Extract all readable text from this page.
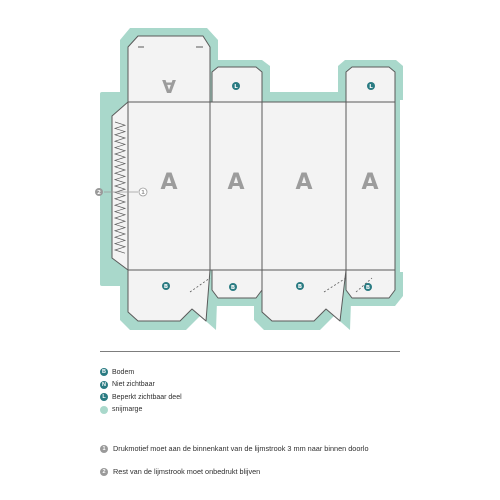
A
A A A A
L	L
B	B	B	B
2	1
B Bodem
N Niet zichtbaar
L Beperkt zichtbaar deel
snijmarge
1	Drukmotief moet aan de binnenkant van de lijmstrook 3 mm naar binnen doorlo
2	Rest van de lijmstrook moet onbedrukt blijven
